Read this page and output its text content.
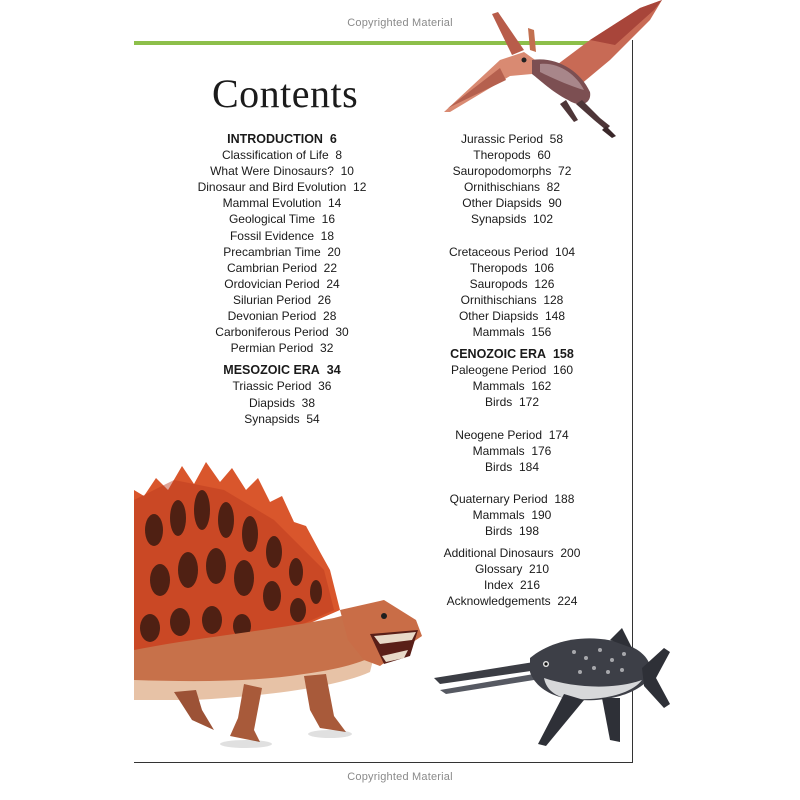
Copyrighted Material
Contents
INTRODUCTION 6
Classification of Life 8
What Were Dinosaurs? 10
Dinosaur and Bird Evolution 12
Mammal Evolution 14
Geological Time 16
Fossil Evidence 18
Precambrian Time 20
Cambrian Period 22
Ordovician Period 24
Silurian Period 26
Devonian Period 28
Carboniferous Period 30
Permian Period 32
MESOZOIC ERA 34
Triassic Period 36
Diapsids 38
Synapsids 54
Jurassic Period 58
Theropods 60
Sauropodomorphs 72
Ornithischians 82
Other Diapsids 90
Synapsids 102
Cretaceous Period 104
Theropods 106
Sauropods 126
Ornithischians 128
Other Diapsids 148
Mammals 156
CENOZOIC ERA 158
Paleogene Period 160
Mammals 162
Birds 172
Neogene Period 174
Mammals 176
Birds 184
Quaternary Period 188
Mammals 190
Birds 198
Additional Dinosaurs 200
Glossary 210
Index 216
Acknowledgements 224
Copyrighted Material
